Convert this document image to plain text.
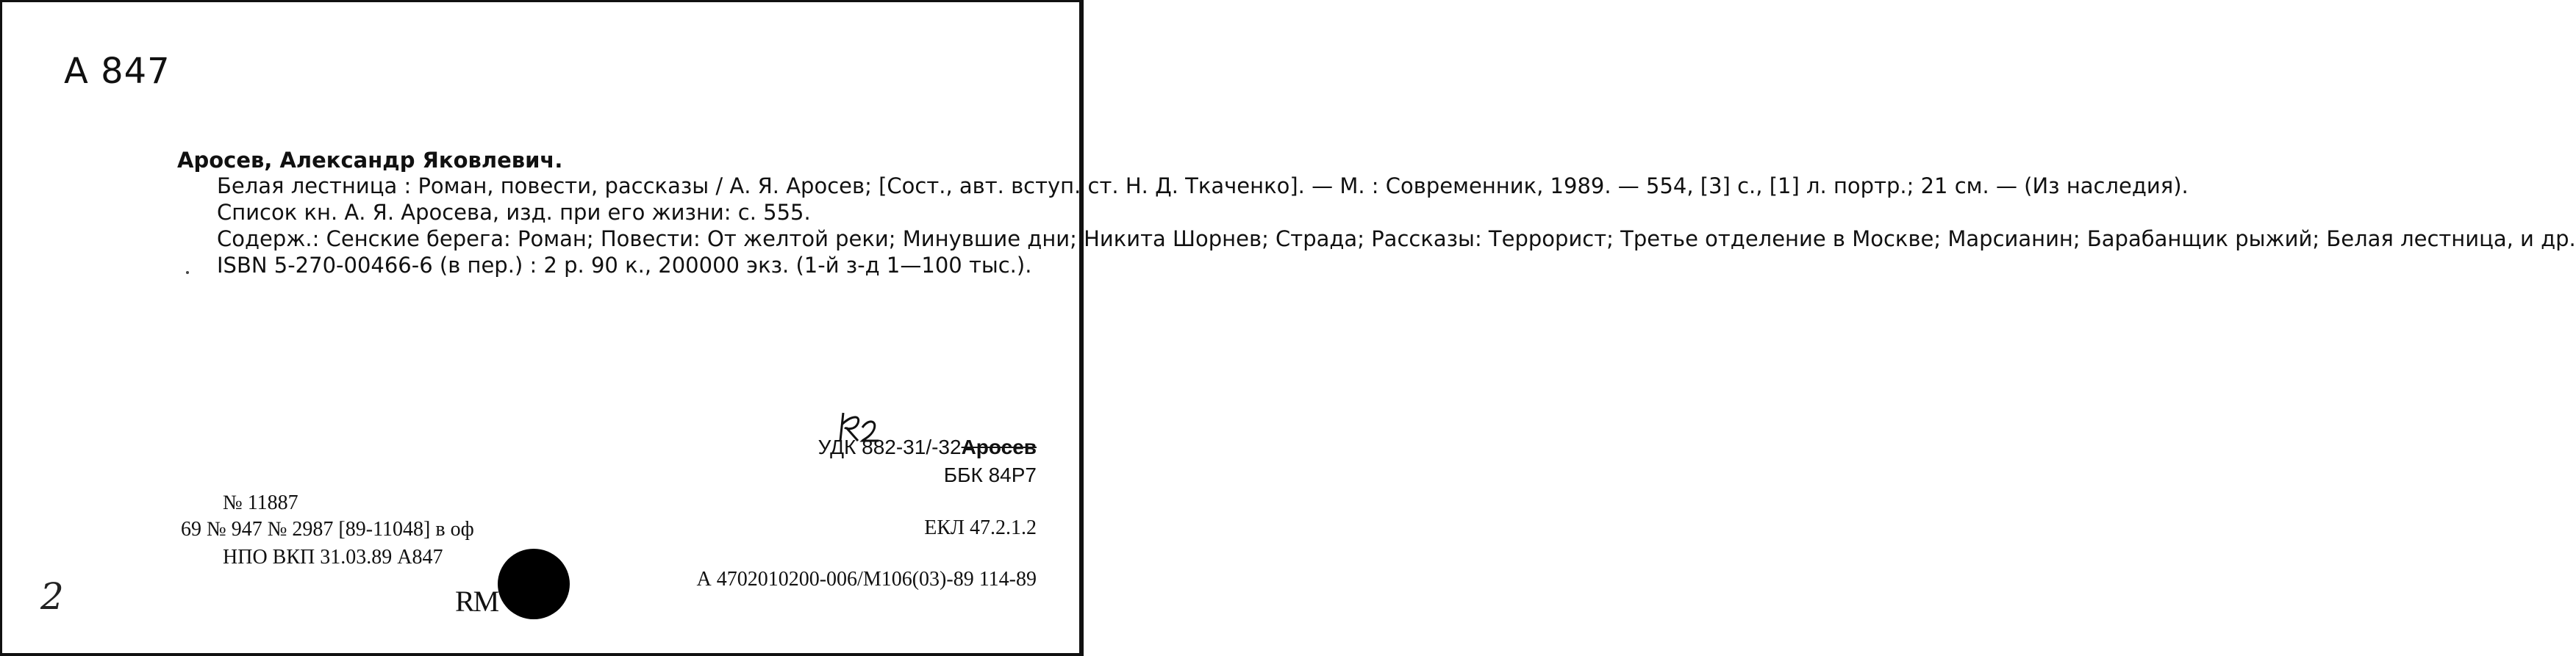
А 847
Аросев, Александр Яковлевич.

Белая лестница : Роман, повести, рассказы / А. Я. Аросев; [Сост., авт. вступ. ст. Н. Д. Ткаченко]. — М. : Современник, 1989. — 554, [3] с., [1] л. портр.; 21 см. — (Из наследия).

Список кн. А. Я. Аросева, изд. при его жизни: с. 555.

Содерж.: Сенские берега: Роман; Повести: От желтой реки; Минувшие дни; Никита Шорнев; Страда; Рассказы: Террорист; Третье отделение в Москве; Марсианин; Барабанщик рыжий; Белая лестница, и др.

ISBN 5-270-00466-6 (в пер.) : 2 р. 90 к., 200000 экз. (1-й з-д 1—100 тыс.).

УДК 882-31/-32Аросев
ББК 84Р7
№ 11887
69 № 947 № 2987 [89-11048] в оф	ЕКЛ 47.2.1.2
НПО ВКП 31.03.89 А847
А 4702010200-006/М106(03)-89 114-89
RM
2
